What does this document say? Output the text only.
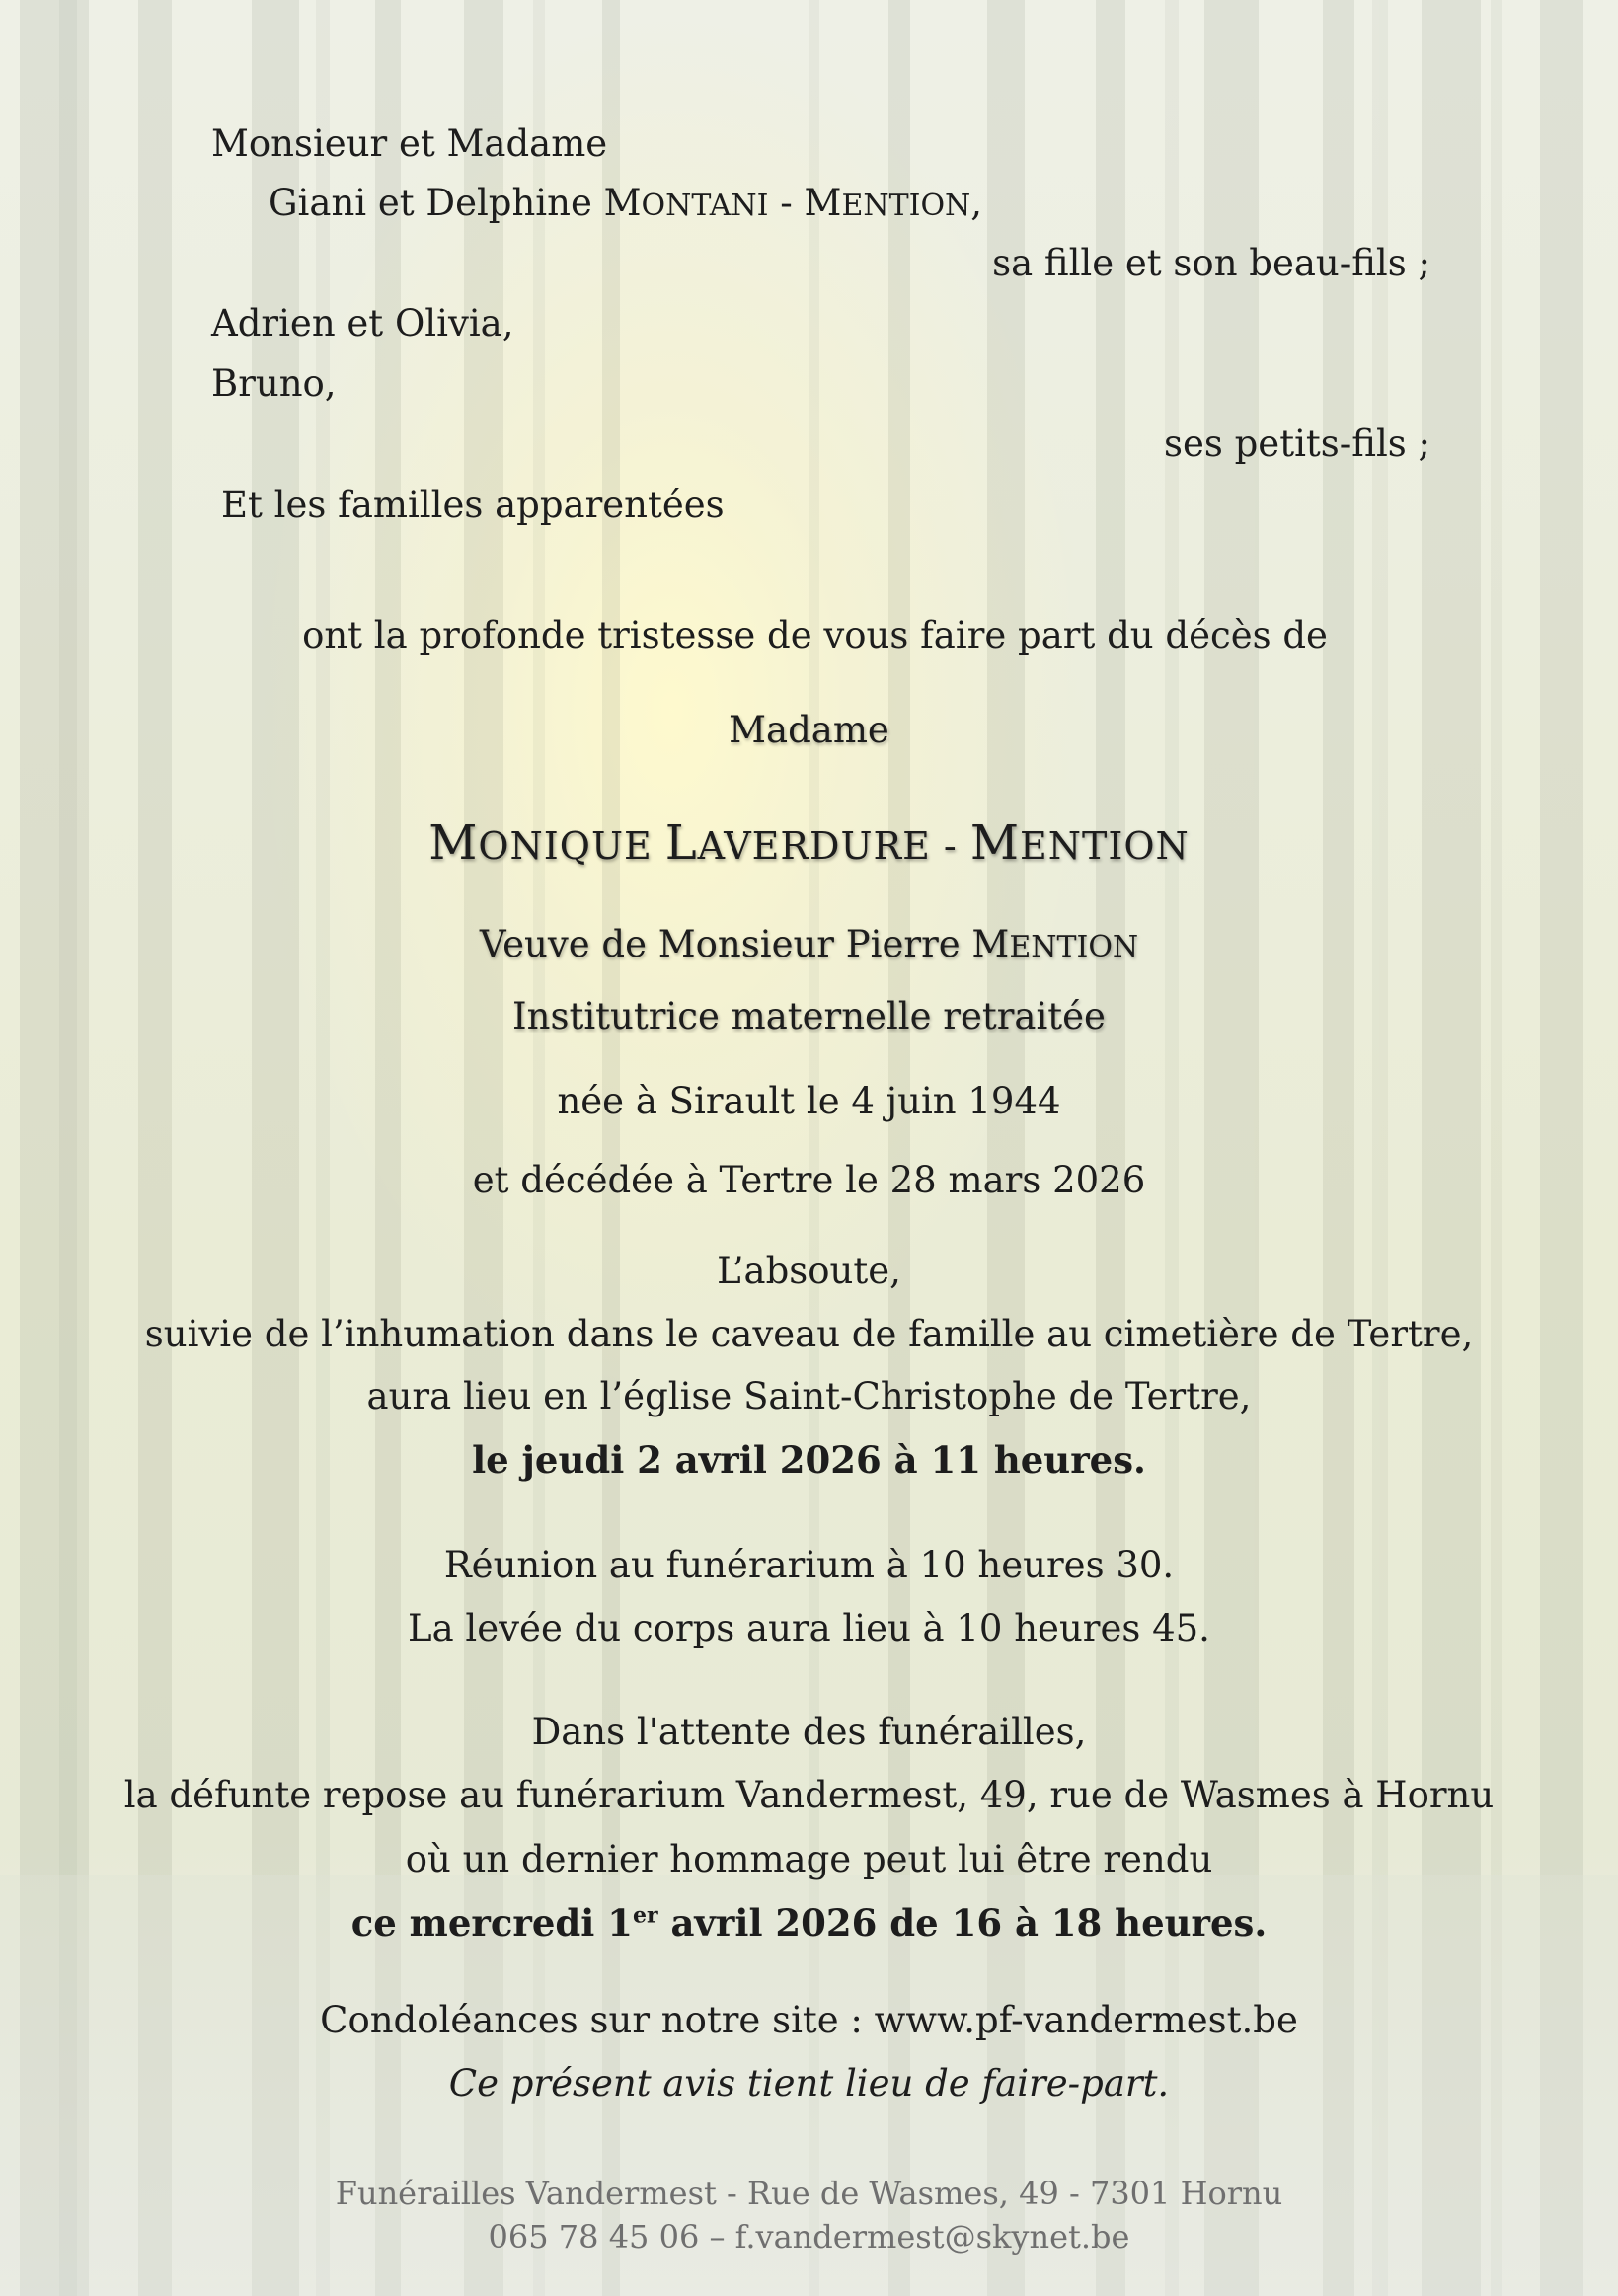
Monsieur et Madame
Giani et Delphine MONTANI - MENTION,
sa fille et son beau-fils ;
Adrien et Olivia,
Bruno,
ses petits-fils ;
Et les familles apparentées
ont la profonde tristesse de vous faire part du décès de
Madame
MONIQUE LAVERDURE - MENTION
Veuve de Monsieur Pierre MENTION
Institutrice maternelle retraitée
née à Sirault le 4 juin 1944
et décédée à Tertre le 28 mars 2026
L’absoute,
suivie de l’inhumation dans le caveau de famille au cimetière de Tertre,
aura lieu en l’église Saint-Christophe de Tertre,
le jeudi 2 avril 2026 à 11 heures.
Réunion au funérarium à 10 heures 30.
La levée du corps aura lieu à 10 heures 45.
Dans l'attente des funérailles,
la défunte repose au funérarium Vandermest, 49, rue de Wasmes à Hornu
où un dernier hommage peut lui être rendu
ce mercredi 1er avril 2026 de 16 à 18 heures.
Condoléances sur notre site : www.pf-vandermest.be
Ce présent avis tient lieu de faire-part.
Funérailles Vandermest - Rue de Wasmes, 49 - 7301 Hornu
065 78 45 06 – f.vandermest@skynet.be
